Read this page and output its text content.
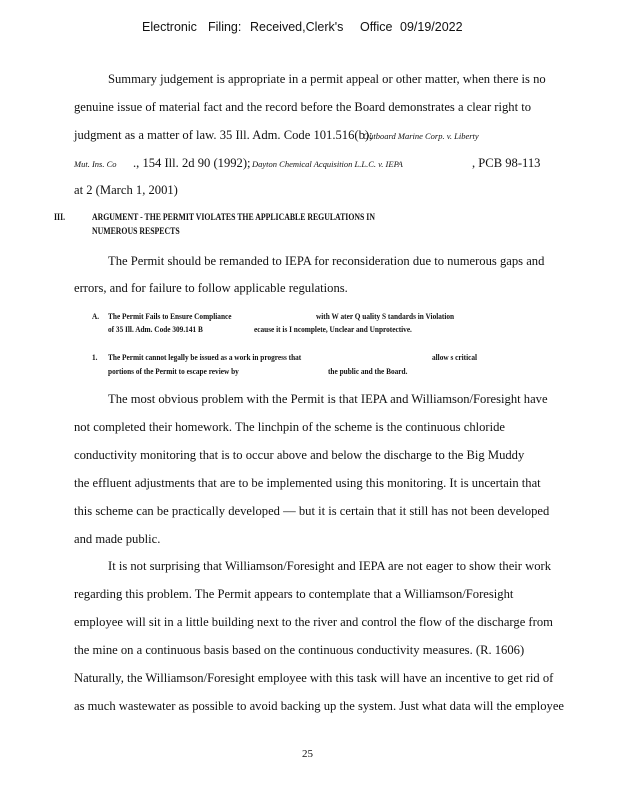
Electronic Filing: Received,Clerk's Office 09/19/2022
Summary judgement is appropriate in a permit appeal or other matter, when there is no
genuine issue of material fact and the record before the Board demonstrates a clear right to
judgment as a matter of law. 35 Ill. Adm. Code 101.516(b);
Outboard Marine Corp. v. Liberty
Mut. Ins. Co ., 154 Ill. 2d 90 (1992); Dayton Chemical Acquisition L.L.C. v. IEPA	, PCB 98-113
at 2 (March 1, 2001)
III.	ARGUMENT - THE PERMIT VIOLATES THE APPLICABLE REGULATIONS IN
NUMEROUS RESPECTS
The Permit should be remanded to IEPA for reconsideration due to numerous gaps and
errors, and for failure to follow applicable regulations.
A. The Permit Fails to Ensure Compliance	with W ater Q uality S tandards in Violation
of 35 Ill. Adm. Code 309.141 B	ecause it is I ncomplete, Unclear and Unprotective.
1. The Permit cannot legally be issued as a work in progress that	allow s critical
portions of the Permit to escape review by	the public and the Board.
The most obvious problem with the Permit is that IEPA and Williamson/Foresight have
not completed their homework. The linchpin of the scheme is the continuous chloride
conductivity monitoring that is to occur above and below the discharge to the Big Muddy
the effluent adjustments that are to be implemented using this monitoring. It is uncertain that
this scheme can be practically developed — but it is certain that it still has not been developed
and made public.
It is not surprising that Williamson/Foresight and IEPA are not eager to show their work
regarding this problem. The Permit appears to contemplate that a Williamson/Foresight
employee will sit in a little building next to the river and control the flow of the discharge from
the mine on a continuous basis based on the continuous conductivity measures. (R. 1606)
Naturally, the Williamson/Foresight employee with this task will have an incentive to get rid of
as much wastewater as possible to avoid backing up the system. Just what data will the employee
25
